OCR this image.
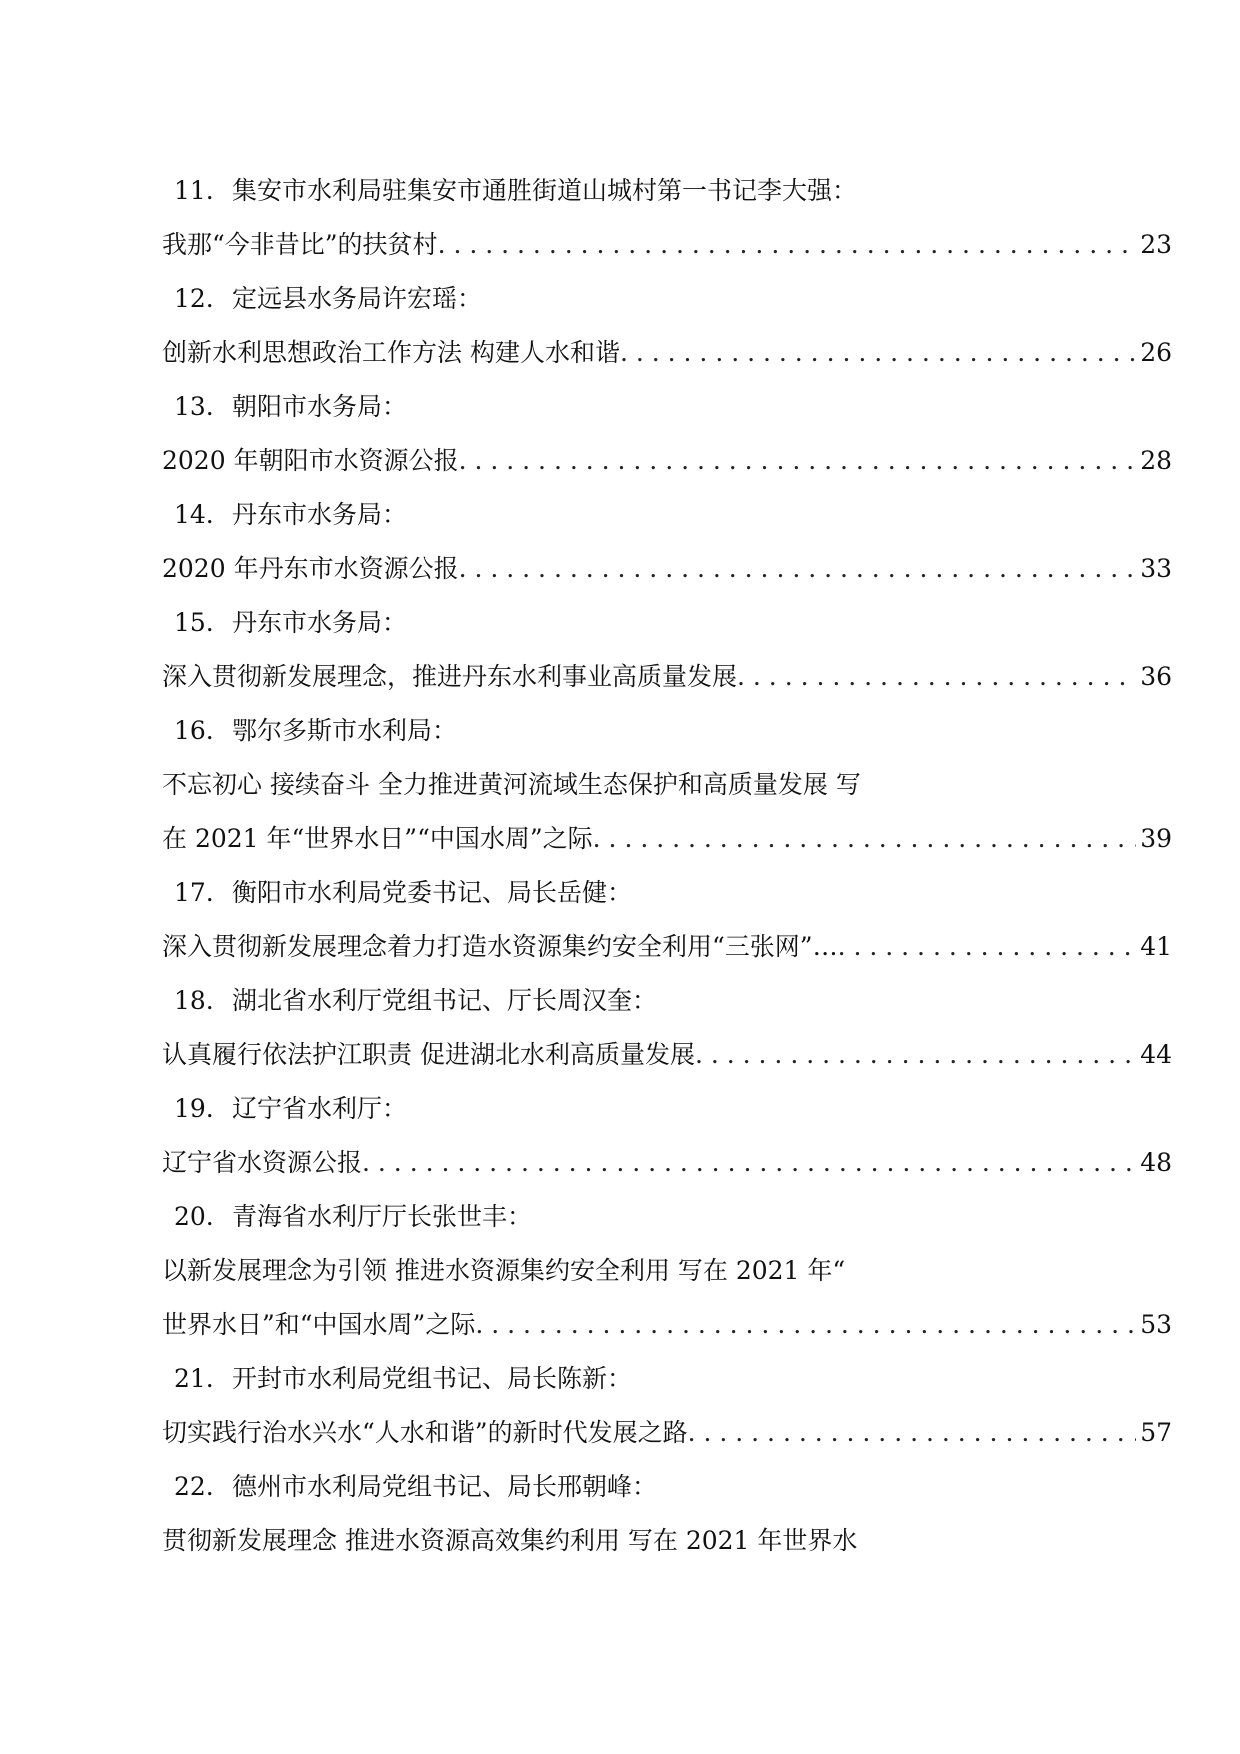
11. 集安市水利局驻集安市通胜街道山城村第一书记李大强：
我那“今非昔比”的扶贫村 . . .	23
12. 定远县水务局许宏瑶：
创新水利思想政治工作方法 构建人水和谐 . . .	26
13. 朝阳市水务局：
2020 年朝阳市水资源公报 . . .	28
14. 丹东市水务局：
2020 年丹东市水资源公报 . . .	33
15. 丹东市水务局：
深入贯彻新发展理念，推进丹东水利事业高质量发展 . . .	36
16. 鄂尔多斯市水利局：
不忘初心 接续奋斗 全力推进黄河流域生态保护和高质量发展 写
在 2021 年“世界水日”“中国水周”之际 . . .	39
17. 衡阳市水利局党委书记、局长岳健：
深入贯彻新发展理念着力打造水资源集约安全利用“三张网”… . . .	41
18. 湖北省水利厅党组书记、厅长周汉奎：
认真履行依法护江职责 促进湖北水利高质量发展 . . .	44
19. 辽宁省水利厅：
辽宁省水资源公报 . . .	48
20. 青海省水利厅厅长张世丰：
以新发展理念为引领 推进水资源集约安全利用 写在 2021 年“
世界水日”和“中国水周”之际 . . .	53
21. 开封市水利局党组书记、局长陈新：
切实践行治水兴水“人水和谐”的新时代发展之路 . . .	57
22. 德州市水利局党组书记、局长邢朝峰：
贯彻新发展理念 推进水资源高效集约利用 写在 2021 年世界水
